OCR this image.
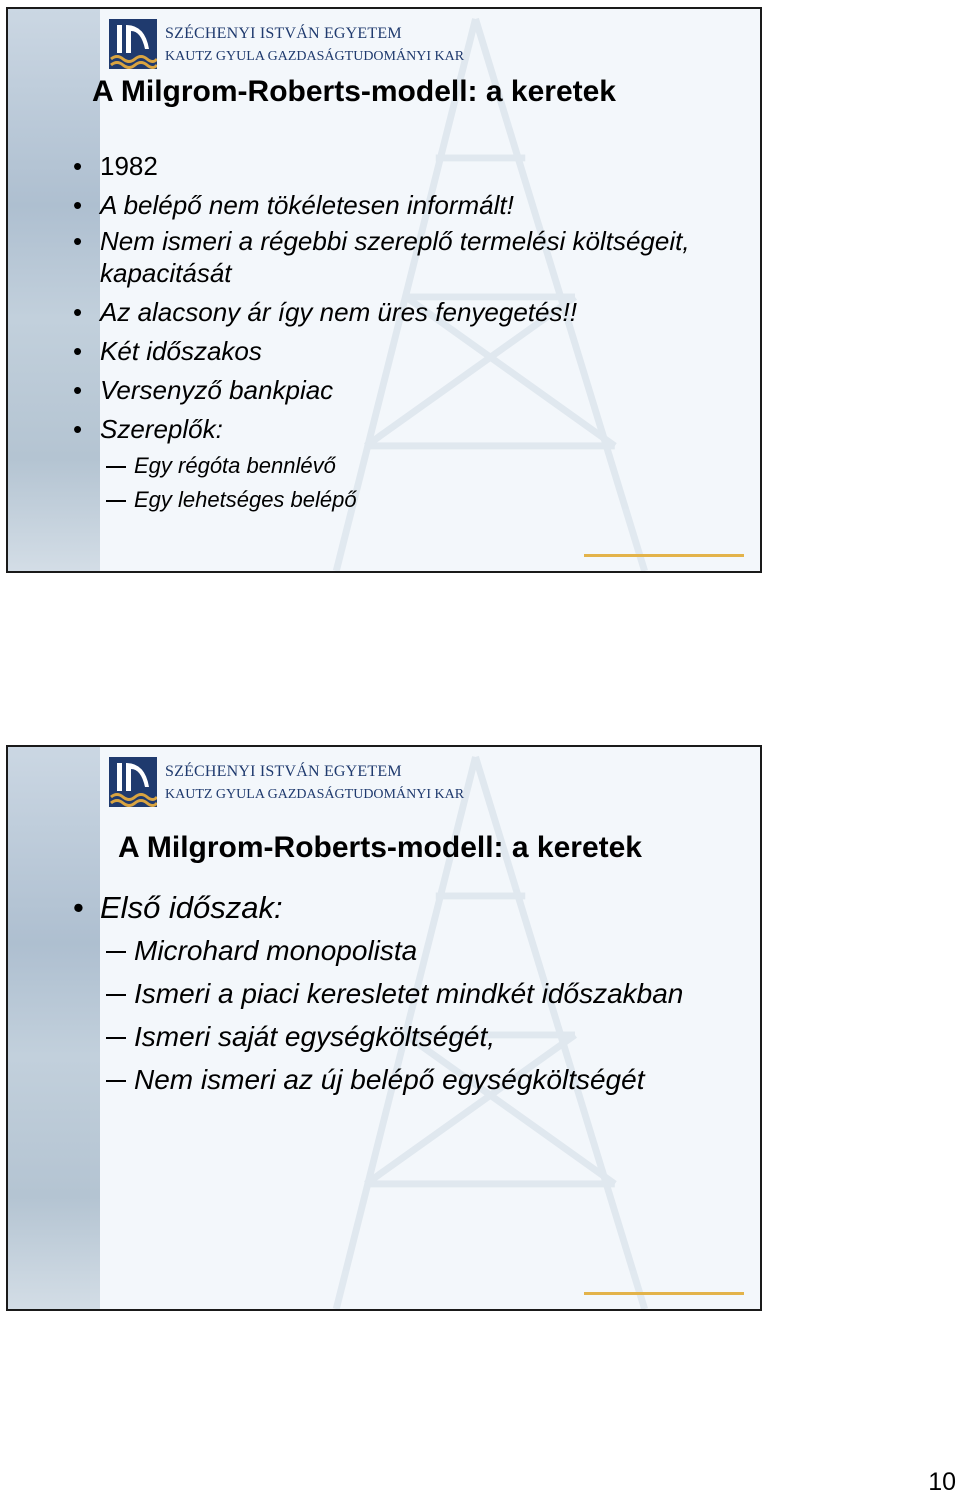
SZÉCHENYI ISTVÁN EGYETEM
KAUTZ GYULA GAZDASÁGTUDOMÁNYI KAR
A Milgrom-Roberts-modell: a keretek
• 1982
• A belépő nem tökéletesen informált!
• Nem ismeri a régebbi szereplő termelési költségeit, kapacitását
• Az alacsony ár így nem üres fenyegetés!!
• Két időszakos
• Versenyző bankpiac
• Szereplők:
Egy régóta bennlévő
Egy lehetséges belépő
SZÉCHENYI ISTVÁN EGYETEM
KAUTZ GYULA GAZDASÁGTUDOMÁNYI KAR
A Milgrom-Roberts-modell: a keretek
• Első időszak:
Microhard monopolista
Ismeri a piaci keresletet mindkét időszakban
Ismeri saját egységköltségét,
Nem ismeri az új belépő egységköltségét
10
